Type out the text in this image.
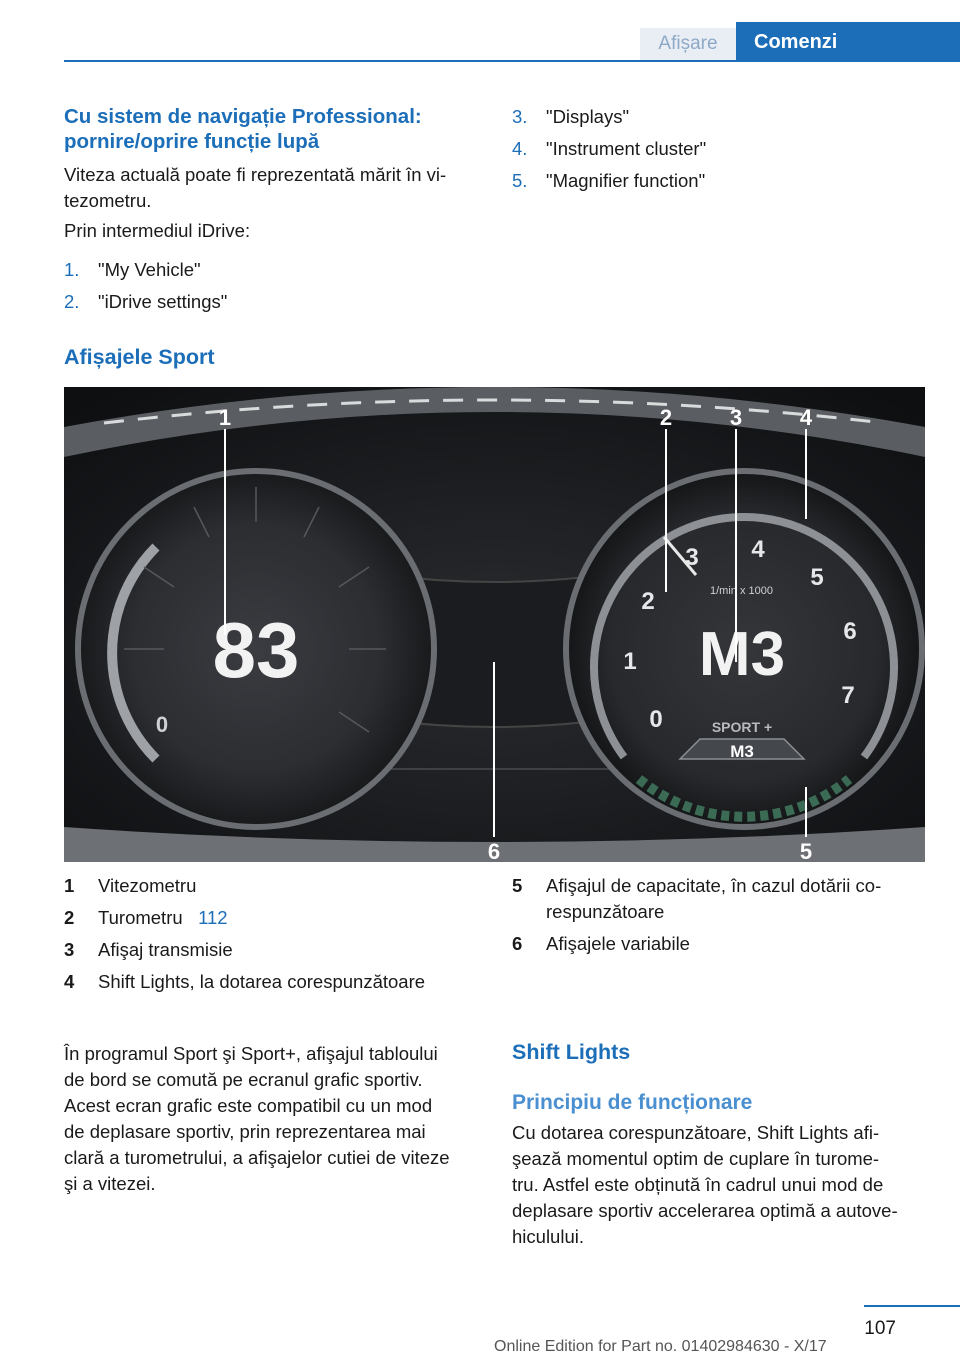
Afișare	Comenzi
Cu sistem de navigație Professional:
pornire/oprire funcție lupă
Viteza actuală poate fi reprezentată mărit în vi‐
tezometru.
Prin intermediul iDrive:
1. "My Vehicle"
2. "iDrive settings"
3. "Displays"
4. "Instrument cluster"
5. "Magnifier function"
Afișajele Sport
83
0
1/min x 1000
0
1
2
3 4
5
6
7
M3
SPORT +
M3
1	2	3	4
5
6
1 Vitezometru
2 Turometru 112
3 Afişaj transmisie
4 Shift Lights, la dotarea corespunzătoare
5 Afişajul de capacitate, în cazul dotării co‐
respunzătoare
6 Afişajele variabile
În programul Sport şi Sport+, afişajul tabloului
de bord se comută pe ecranul grafic sportiv.
Acest ecran grafic este compatibil cu un mod
de deplasare sportiv, prin reprezentarea mai
clară a turometrului, a afişajelor cutiei de viteze
şi a vitezei.
Shift Lights
Principiu de funcționare
Cu dotarea corespunzătoare, Shift Lights afi‐
şează momentul optim de cuplare în turome‐
tru. Astfel este obținută în cadrul unui mod de
deplasare sportiv accelerarea optimă a autove‐
hiculului.
107
Online Edition for Part no. 01402984630 - X/17
